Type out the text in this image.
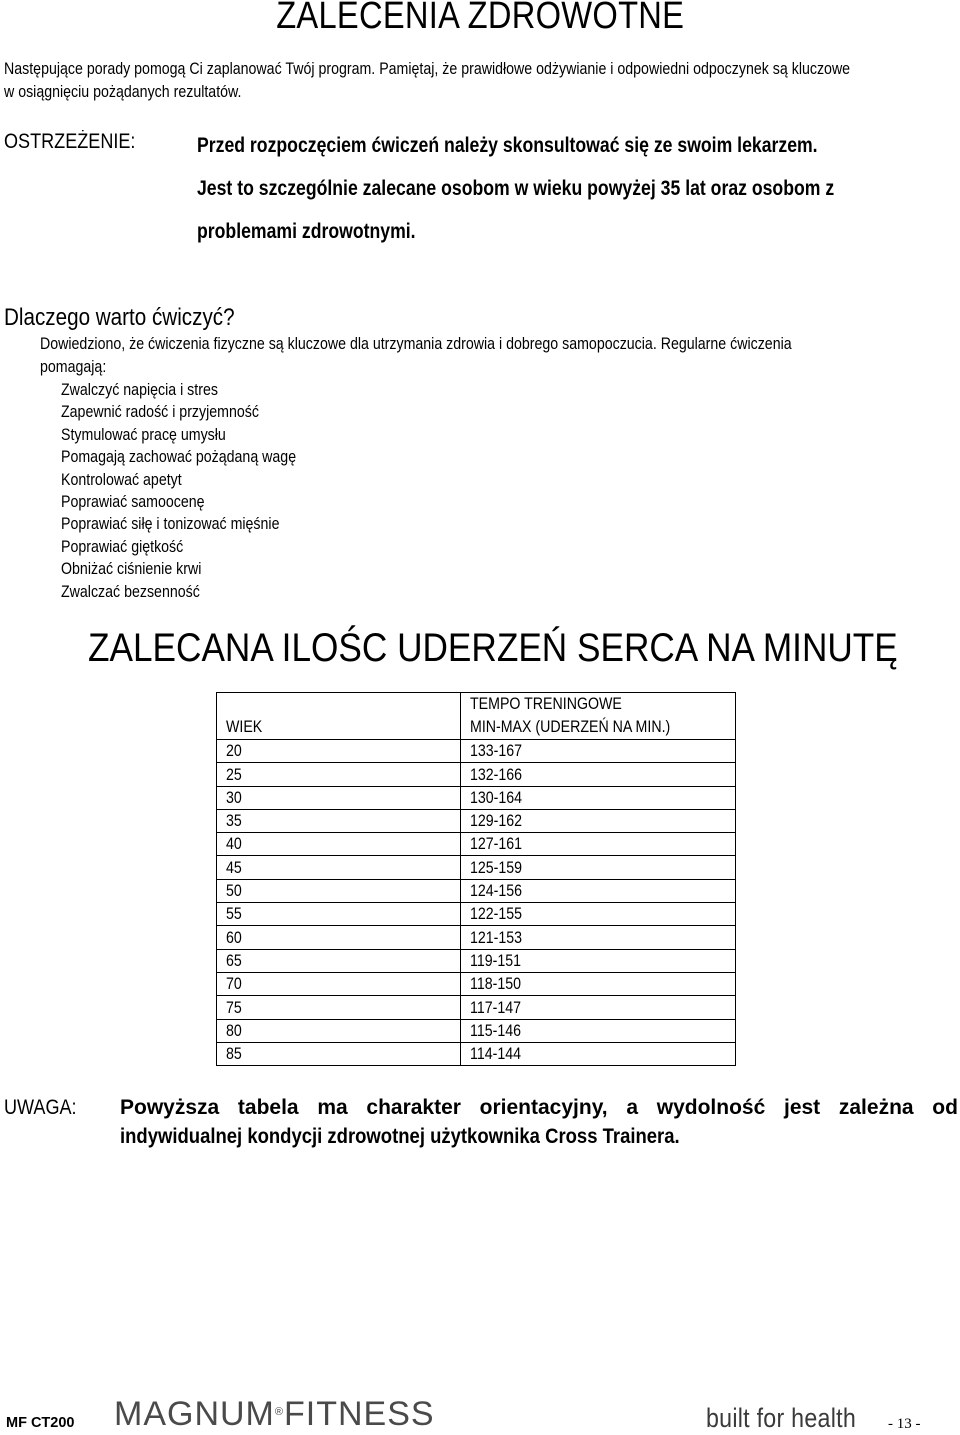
ZALECENIA ZDROWOTNE
Następujące porady pomogą Ci zaplanować Twój program. Pamiętaj, że prawidłowe odżywianie i odpowiedni odpoczynek są kluczowe
w osiągnięciu pożądanych rezultatów.
OSTRZEŻENIE:	Przed rozpoczęciem ćwiczeń należy skonsultować się ze swoim lekarzem.
Jest to szczególnie zalecane osobom w wieku powyżej 35 lat oraz osobom z
problemami zdrowotnymi.
Dlaczego warto ćwiczyć?
Dowiedziono, że ćwiczenia fizyczne są kluczowe dla utrzymania zdrowia i dobrego samopoczucia. Regularne ćwiczenia
pomagają:
Zwalczyć napięcia i stres
Zapewnić radość i przyjemność
Stymulować pracę umysłu
Pomagają zachować pożądaną wagę
Kontrolować apetyt
Poprawiać samoocenę
Poprawiać siłę i tonizować mięśnie
Poprawiać giętkość
Obniżać ciśnienie krwi
Zwalczać bezsenność
ZALECANA ILOŚC UDERZEŃ SERCA NA MINUTĘ
WIEK	TEMPO TRENINGOWE
MIN-MAX (UDERZEŃ NA MIN.)

20	133-167
25	132-166
30	130-164
35	129-162
40	127-161
45	125-159
50	124-156
55	122-155
60	121-153
65	119-151
70	118-150
75	117-147
80	115-146
85	114-144
UWAGA:	Powyższa tabela ma charakter orientacyjny, a wydolność jest zależna od
indywidualnej kondycji zdrowotnej użytkownika Cross Trainera.
MF CT200 MAGNUM®FITNESS	built for health	- 13 -
